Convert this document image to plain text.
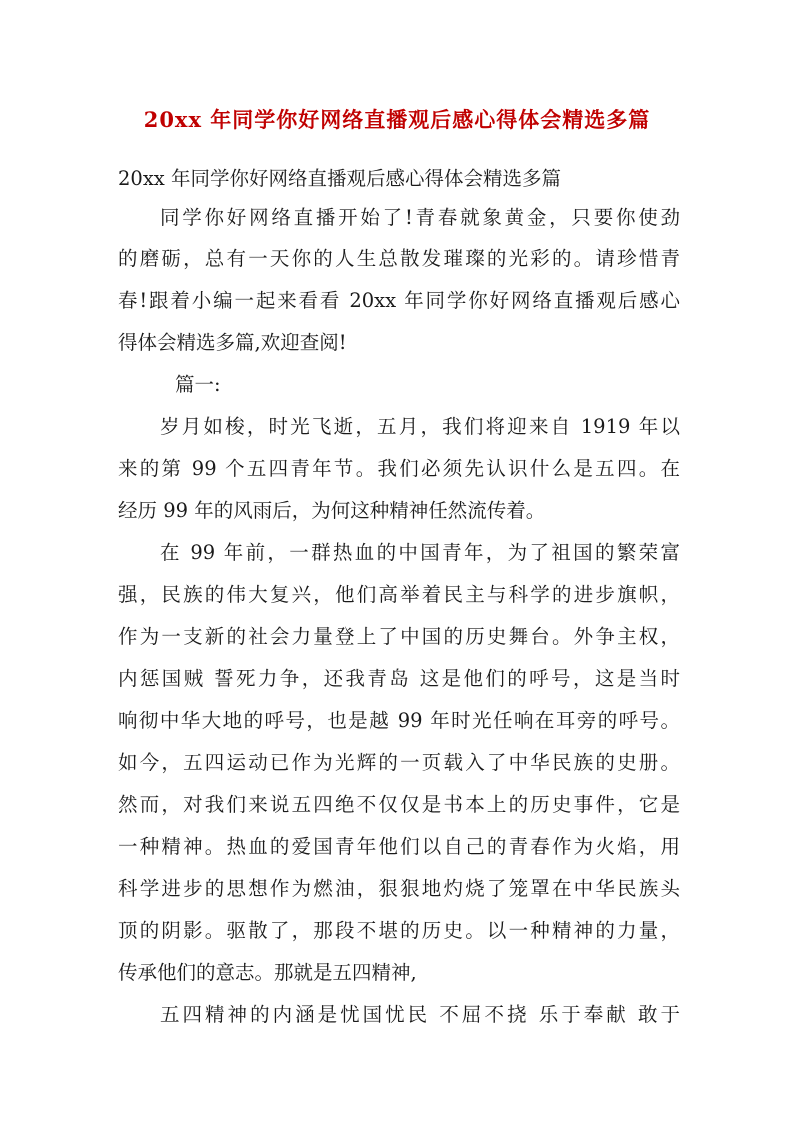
20xx 年同学你好网络直播观后感心得体会精选多篇
20xx 年同学你好网络直播观后感心得体会精选多篇
同学你好网络直播开始了!青春就象黄金，只要你使劲
的磨砺，总有一天你的人生总散发璀璨的光彩的。请珍惜青
春!跟着小编一起来看看 20xx 年同学你好网络直播观后感心
得体会精选多篇,欢迎查阅!
篇一:
岁月如梭，时光飞逝，五月，我们将迎来自 1919 年以
来的第 99 个五四青年节。我们必须先认识什么是五四。在
经历 99 年的风雨后，为何这种精神任然流传着。
在 99 年前，一群热血的中国青年，为了祖国的繁荣富
强，民族的伟大复兴，他们高举着民主与科学的进步旗帜，
作为一支新的社会力量登上了中国的历史舞台。外争主权，
内惩国贼 誓死力争，还我青岛 这是他们的呼号，这是当时
响彻中华大地的呼号，也是越 99 年时光任响在耳旁的呼号。
如今，五四运动已作为光辉的一页载入了中华民族的史册。
然而，对我们来说五四绝不仅仅是书本上的历史事件，它是
一种精神。热血的爱国青年他们以自己的青春作为火焰，用
科学进步的思想作为燃油，狠狠地灼烧了笼罩在中华民族头
顶的阴影。驱散了，那段不堪的历史。以一种精神的力量，
传承他们的意志。那就是五四精神,
五四精神的内涵是忧国忧民 不屈不挠 乐于奉献 敢于
